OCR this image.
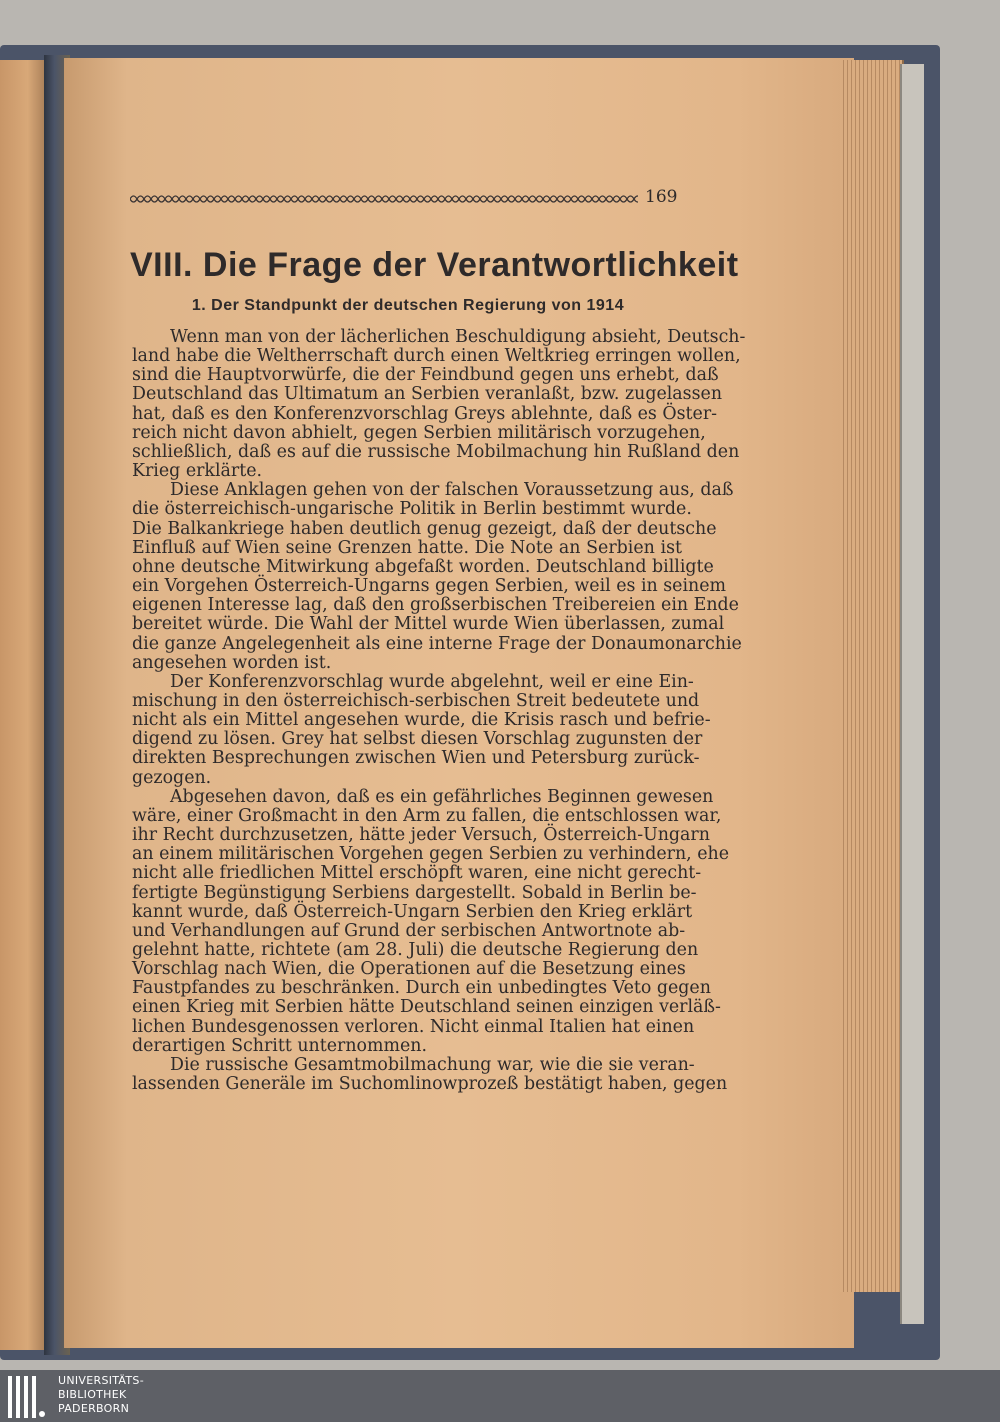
169
VIII. Die Frage der Verantwortlichkeit
1. Der Standpunkt der deutschen Regierung von 1914
Wenn man von der lächerlichen Beschuldigung absieht, Deutsch-
land habe die Weltherrschaft durch einen Weltkrieg erringen wollen,
sind die Hauptvorwürfe, die der Feindbund gegen uns erhebt, daß
Deutschland das Ultimatum an Serbien veranlaßt, bzw. zugelassen
hat, daß es den Konferenzvorschlag Greys ablehnte, daß es Öster-
reich nicht davon abhielt, gegen Serbien militärisch vorzugehen,
schließlich, daß es auf die russische Mobilmachung hin Rußland den
Krieg erklärte.
Diese Anklagen gehen von der falschen Voraussetzung aus, daß
die österreichisch-ungarische Politik in Berlin bestimmt wurde.
Die Balkankriege haben deutlich genug gezeigt, daß der deutsche
Einfluß auf Wien seine Grenzen hatte. Die Note an Serbien ist
ohne deutsche Mitwirkung abgefaßt worden. Deutschland billigte
ein Vorgehen Österreich-Ungarns gegen Serbien, weil es in seinem
eigenen Interesse lag, daß den großserbischen Treibereien ein Ende
bereitet würde. Die Wahl der Mittel wurde Wien überlassen, zumal
die ganze Angelegenheit als eine interne Frage der Donaumonarchie
angesehen worden ist.
Der Konferenzvorschlag wurde abgelehnt, weil er eine Ein-
mischung in den österreichisch-serbischen Streit bedeutete und
nicht als ein Mittel angesehen wurde, die Krisis rasch und befrie-
digend zu lösen. Grey hat selbst diesen Vorschlag zugunsten der
direkten Besprechungen zwischen Wien und Petersburg zurück-
gezogen.
Abgesehen davon, daß es ein gefährliches Beginnen gewesen
wäre, einer Großmacht in den Arm zu fallen, die entschlossen war,
ihr Recht durchzusetzen, hätte jeder Versuch, Österreich-Ungarn
an einem militärischen Vorgehen gegen Serbien zu verhindern, ehe
nicht alle friedlichen Mittel erschöpft waren, eine nicht gerecht-
fertigte Begünstigung Serbiens dargestellt. Sobald in Berlin be-
kannt wurde, daß Österreich-Ungarn Serbien den Krieg erklärt
und Verhandlungen auf Grund der serbischen Antwortnote ab-
gelehnt hatte, richtete (am 28. Juli) die deutsche Regierung den
Vorschlag nach Wien, die Operationen auf die Besetzung eines
Faustpfandes zu beschränken. Durch ein unbedingtes Veto gegen
einen Krieg mit Serbien hätte Deutschland seinen einzigen verläß-
lichen Bundesgenossen verloren. Nicht einmal Italien hat einen
derartigen Schritt unternommen.
Die russische Gesamtmobilmachung war, wie die sie veran-
lassenden Generäle im Suchomlinowprozeß bestätigt haben, gegen
UNIVERSITÄTS-
BIBLIOTHEK
PADERBORN
